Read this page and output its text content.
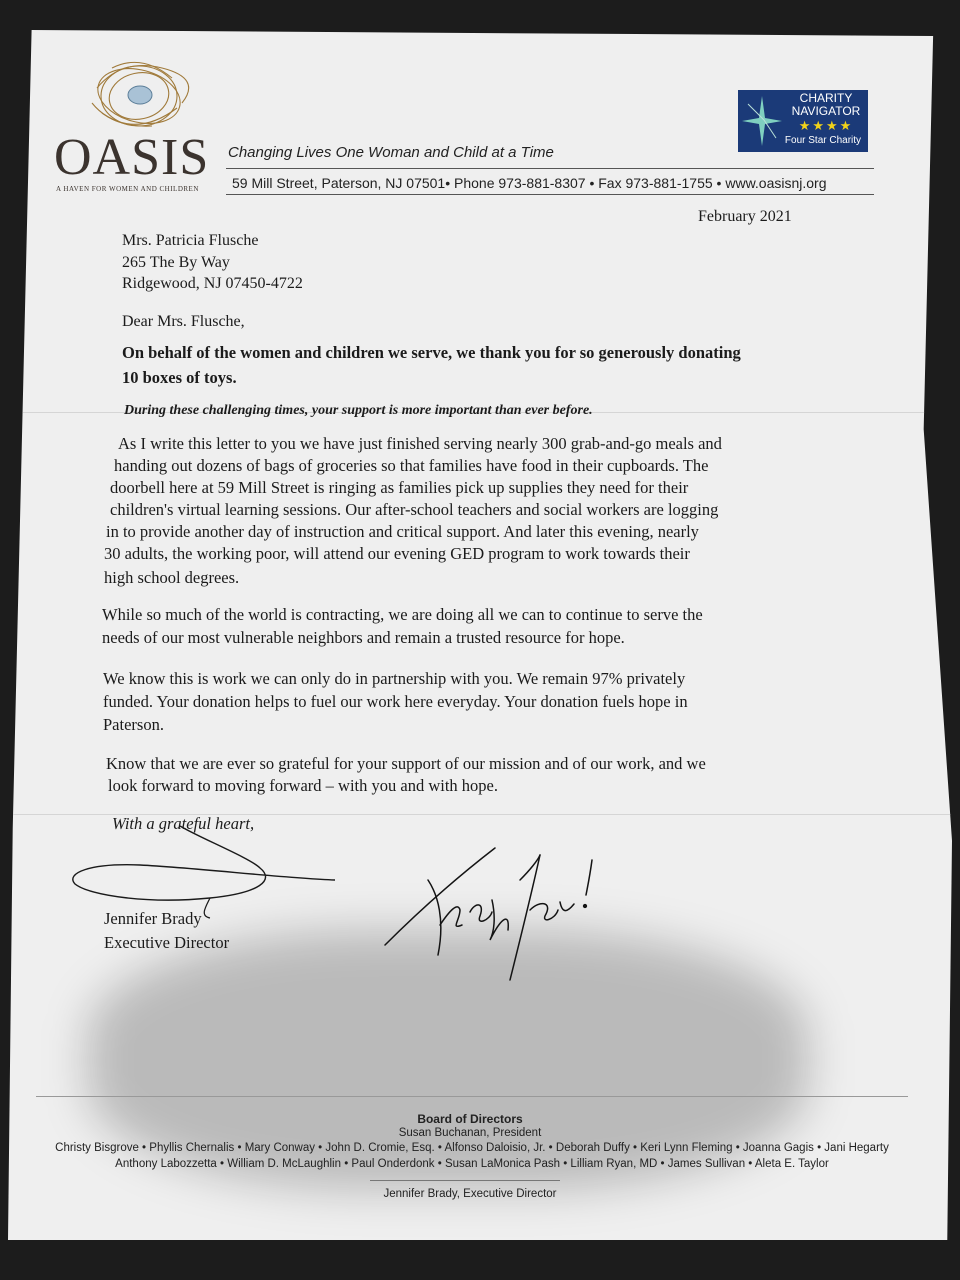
OASIS
A HAVEN FOR WOMEN AND CHILDREN
Changing Lives One Woman and Child at a Time
59 Mill Street, Paterson, NJ 07501• Phone 973-881-8307 • Fax 973-881-1755 • www.oasisnj.org
CHARITY
NAVIGATOR
★★★★
Four Star Charity
February 2021
Mrs. Patricia Flusche
265 The By Way
Ridgewood, NJ 07450-4722
Dear Mrs. Flusche,
On behalf of the women and children we serve, we thank you for so generously donating
10 boxes of toys.
During these challenging times, your support is more important than ever before.
As I write this letter to you we have just finished serving nearly 300 grab-and-go meals and
handing out dozens of bags of groceries so that families have food in their cupboards. The
doorbell here at 59 Mill Street is ringing as families pick up supplies they need for their
children's virtual learning sessions. Our after-school teachers and social workers are logging
in to provide another day of instruction and critical support. And later this evening, nearly
30 adults, the working poor, will attend our evening GED program to work towards their
high school degrees.
While so much of the world is contracting, we are doing all we can to continue to serve the
needs of our most vulnerable neighbors and remain a trusted resource for hope.
We know this is work we can only do in partnership with you. We remain 97% privately
funded. Your donation helps to fuel our work here everyday. Your donation fuels hope in
Paterson.
Know that we are ever so grateful for your support of our mission and of our work, and we
look forward to moving forward – with you and with hope.
With a grateful heart,
Jennifer Brady
Executive Director
Board of Directors
Susan Buchanan, President
Christy Bisgrove • Phyllis Chernalis • Mary Conway • John D. Cromie, Esq. • Alfonso Daloisio, Jr. • Deborah Duffy • Keri Lynn Fleming • Joanna Gagis • Jani Hegarty
Anthony Labozzetta • William D. McLaughlin • Paul Onderdonk • Susan LaMonica Pash • Lilliam Ryan, MD • James Sullivan • Aleta E. Taylor
Jennifer Brady, Executive Director
